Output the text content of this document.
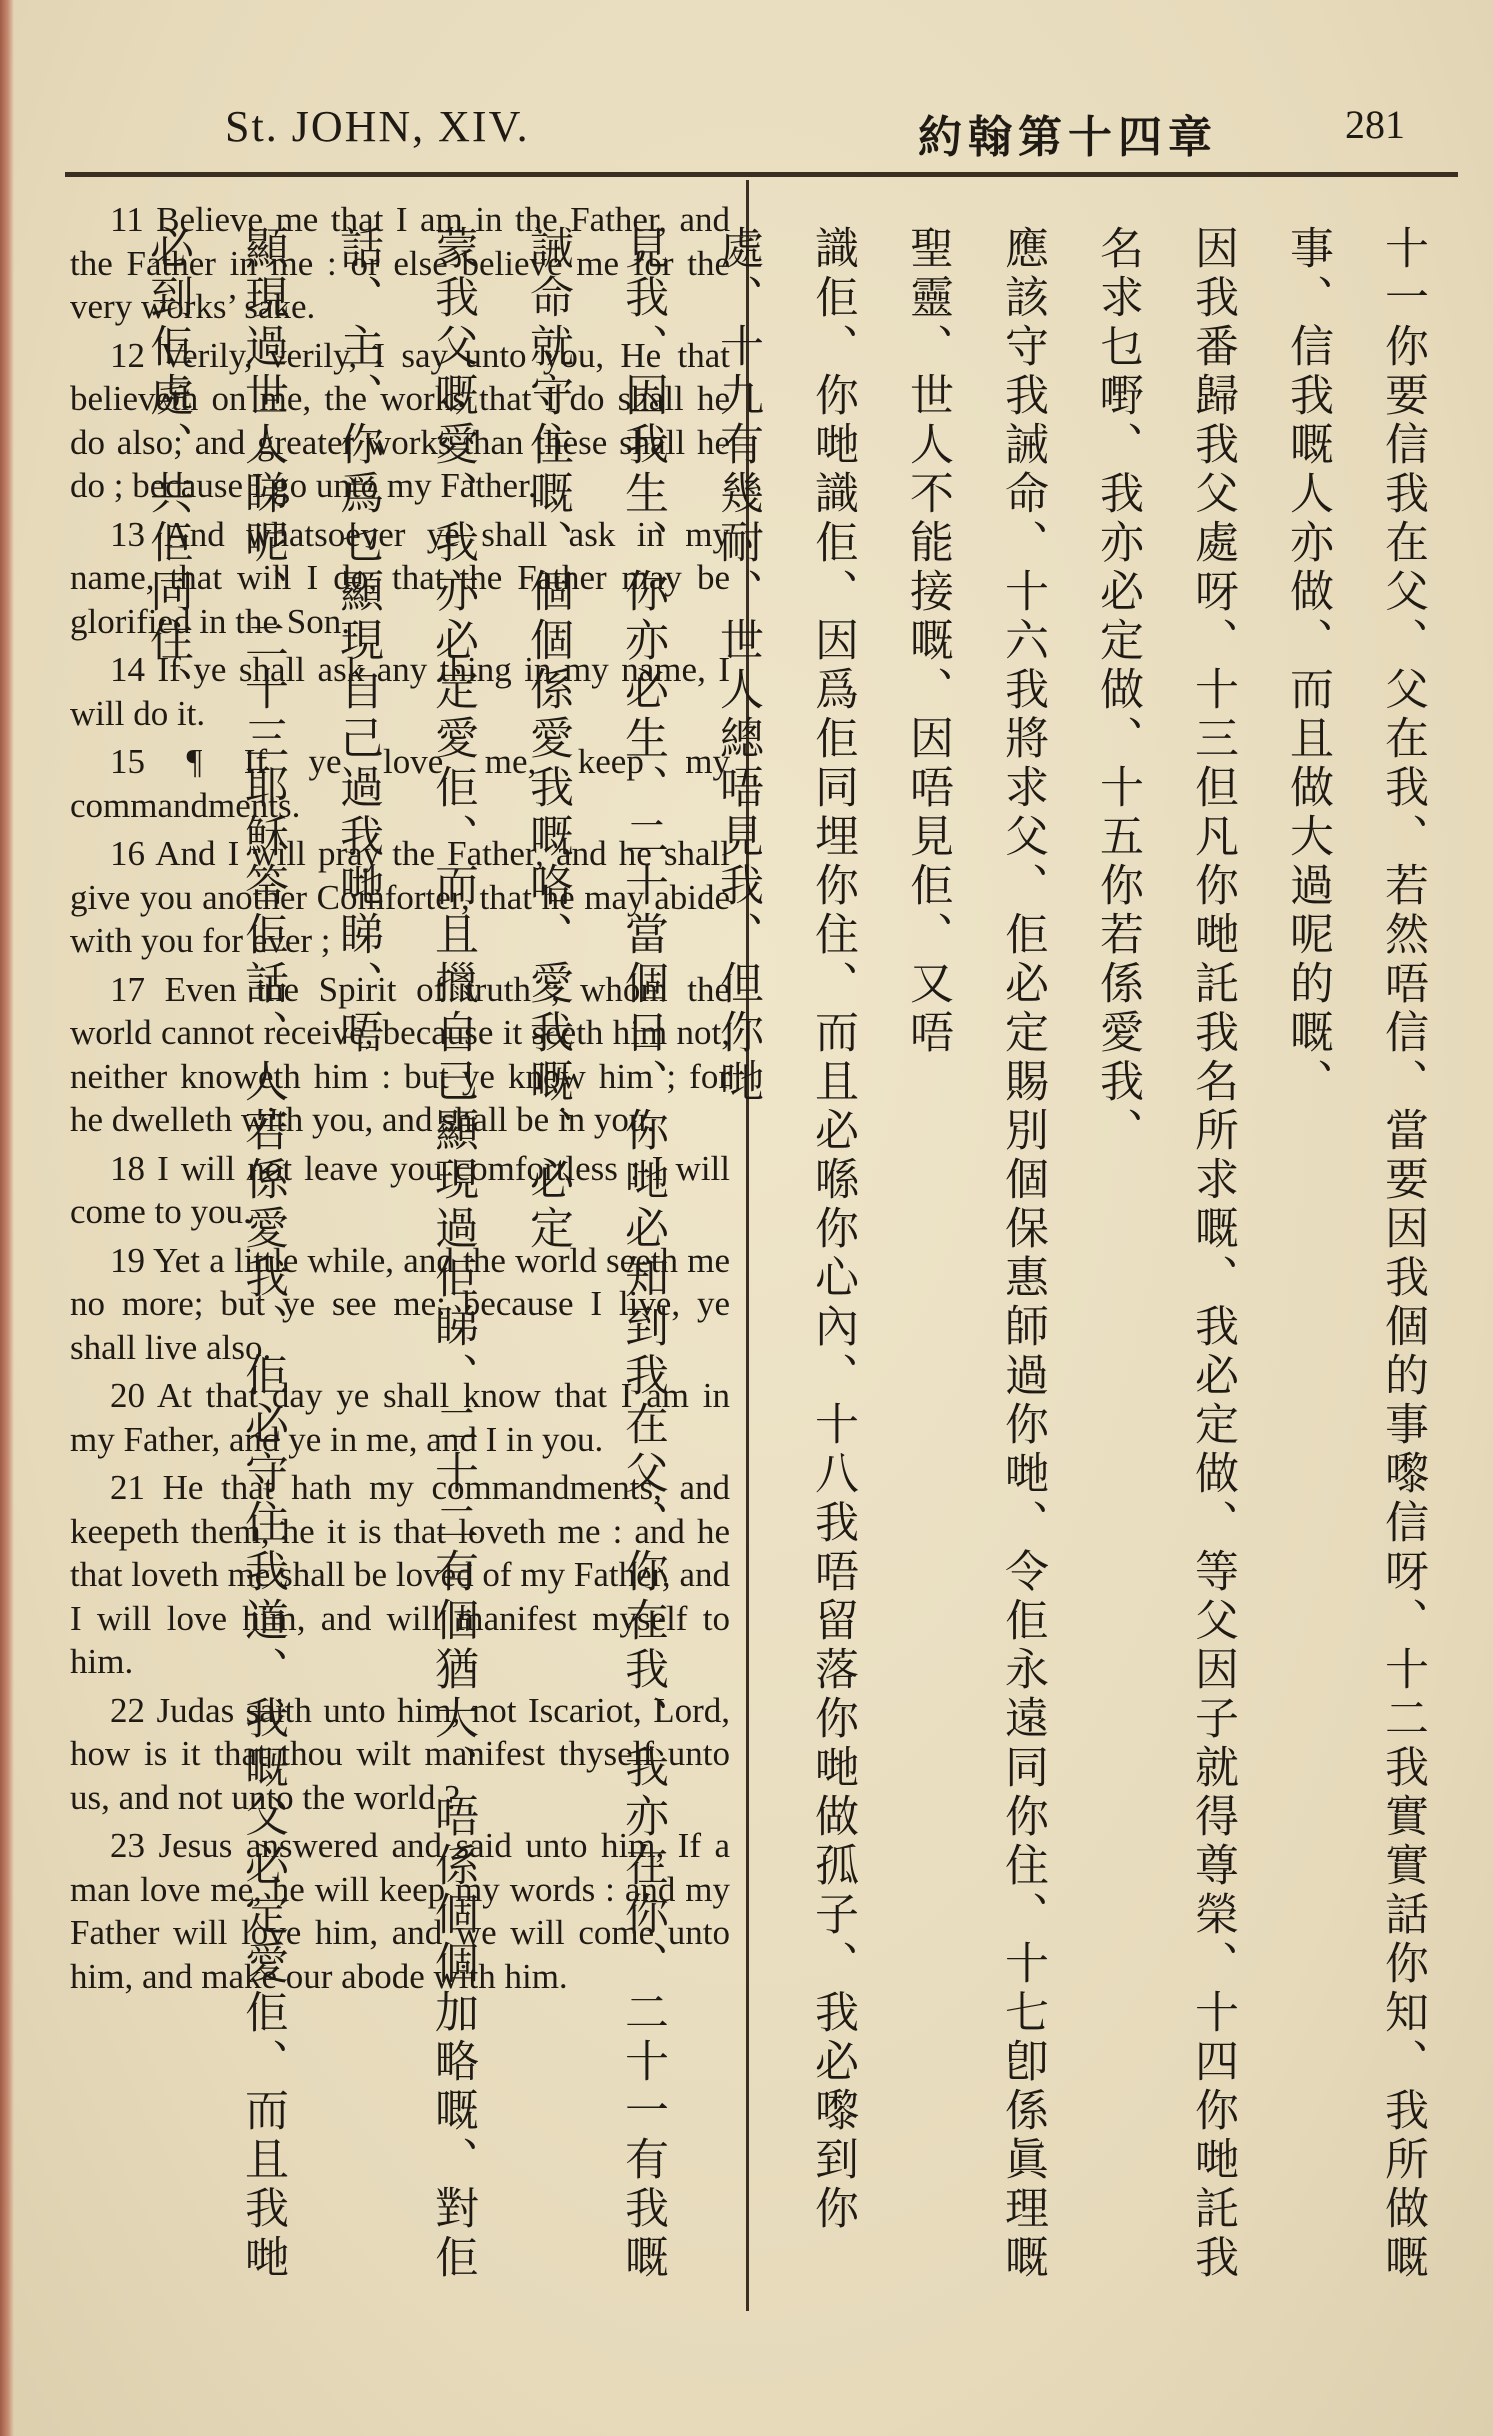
St. JOHN, XIV.	約翰第十四章	281

11 Believe me that I am in the Father, and the Father in me : or else believe me for the very works’ sake.

12 Verily, verily, I say unto you, He that believeth on me, the works that I do shall he do also; and greater works than these shall he do ; because I go unto my Father.

13 And whatsoever ye shall ask in my name, that will I do, that the Father may be glorified in the Son.

14 If ye shall ask any thing in my name, I will do it.

15 ¶ If ye love me, keep my commandments.

16 And I will pray the Father, and he shall give you another Comforter, that he may abide with you for ever ;

17 Even the Spirit of truth ; whom the world cannot receive, because it seeth him not, neither knoweth him : but ye know him ; for he dwelleth with you, and shall be in you.

18 I will not leave you comfortless : I will come to you.

19 Yet a little while, and the world seeth me no more; but ye see me: because I live, ye shall live also.

20 At that day ye shall know that I am in my Father, and ye in me, and I in you.

21 He that hath my commandments, and keepeth them, he it is that loveth me : and he that loveth me shall be loved of my Father, and I will love him, and will manifest myself to him.

22 Judas saith unto him, not Iscariot, Lord, how is it that thou wilt manifest thyself unto us, and not unto the world ?

23 Jesus answered and said unto him, If a man love me, he will keep my words : and my Father will love him, and we will come unto him, and make our abode with him.	十一你要信我在父、父在我、若然唔信、當要因我個的事嚟信呀、十二我實實話你知、我所做嘅事、信我嘅人亦做、而且做大過呢的嘅、
因我番歸我父處呀、十三但凡你哋託我名所求嘅、我必定做、等父因子就得尊榮、十四你哋託我名求乜嘢、我亦必定做、十五你若係愛我、
應該守我誡命、十六我將求父、佢必定賜別個保惠師過你哋、令佢永遠同你住、十七卽係眞理嘅聖靈、世人不能接嘅、因唔見佢、又唔
識佢、你哋識佢、因爲佢同埋你住、而且必喺你心內、十八我唔留落你哋做孤子、我必嚟到你處、十九有幾耐、世人總唔見我、但你哋
見我、因我生、你亦必生、二十當個日、你哋必知到我在父、你在我、我亦在你、二十一有我嘅誡命就守住嘅、個個係愛我嘅咯、愛我嘅、必定
蒙我父嘅愛、我亦必定愛佢、而且擸自己顯現過佢睇、二十二有個猶大、唔係個個加略嘅、對佢話、主、你爲乜顯現自己過我哋睇、唔
顯現過世人睇呢、二十三耶穌答佢話、人若係愛我、佢必守住我道、我嘅父必定愛佢、而且我哋必到佢處、共佢同住、
